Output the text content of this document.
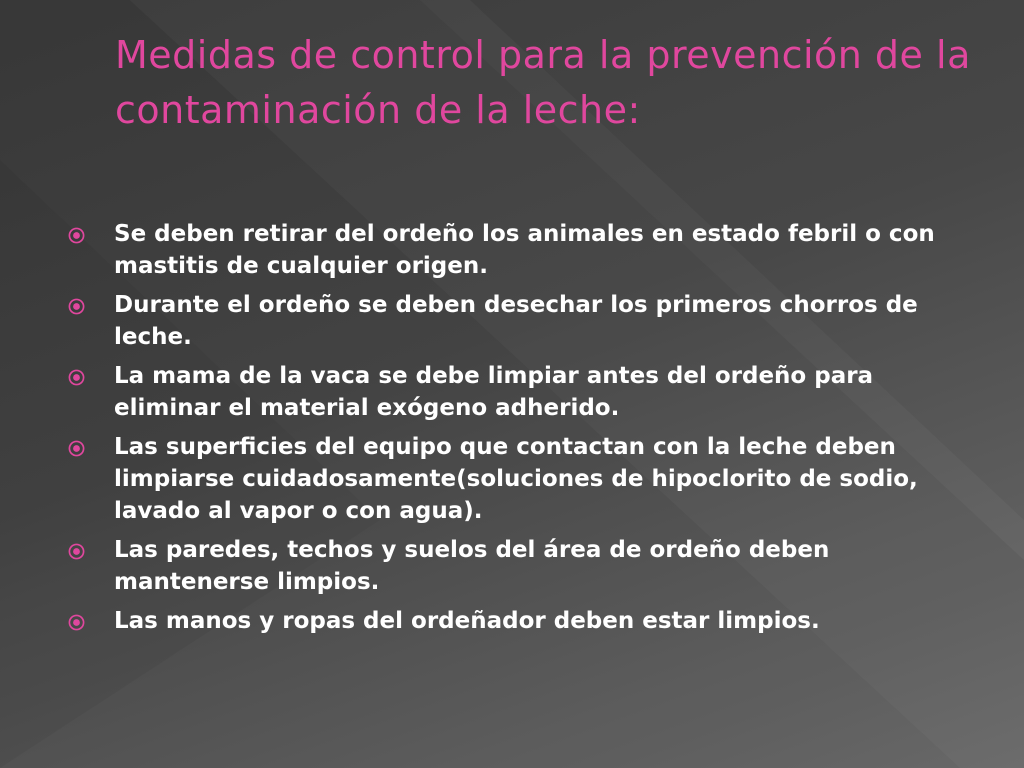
Medidas de control para la prevención de la contaminación de la leche:
Se deben retirar del ordeño los animales en estado febril o con mastitis de cualquier origen.
Durante el ordeño se deben desechar los primeros chorros de leche.
La mama de la vaca se debe limpiar antes del ordeño para eliminar el material exógeno adherido.
Las superficies del equipo que contactan con la leche deben limpiarse cuidadosamente(soluciones de hipoclorito de sodio, lavado al vapor o con agua).
Las paredes, techos y suelos del área de ordeño deben mantenerse limpios.
Las manos y ropas del ordeñador deben estar limpios.
